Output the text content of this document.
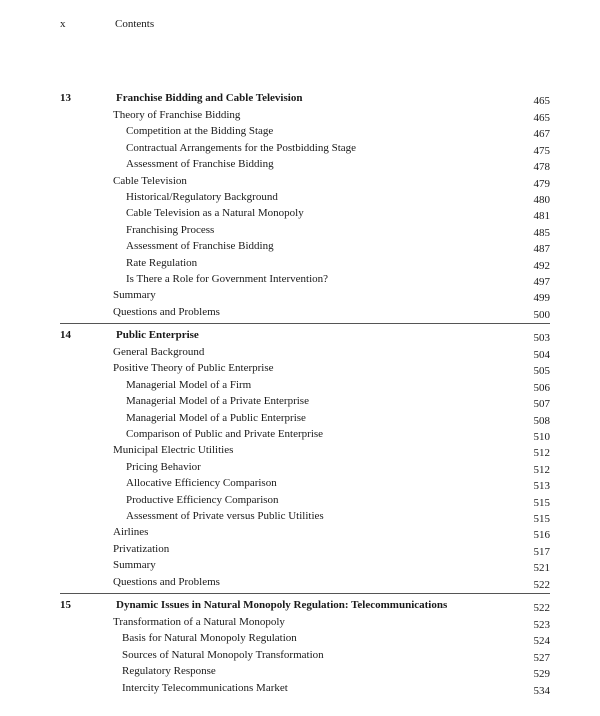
x	Contents
13	Franchise Bidding and Cable Television	465
Theory of Franchise Bidding	465
Competition at the Bidding Stage	467
Contractual Arrangements for the Postbidding Stage	475
Assessment of Franchise Bidding	478
Cable Television	479
Historical/Regulatory Background	480
Cable Television as a Natural Monopoly	481
Franchising Process	485
Assessment of Franchise Bidding	487
Rate Regulation	492
Is There a Role for Government Intervention?	497
Summary	499
Questions and Problems	500
14	Public Enterprise	503
General Background	504
Positive Theory of Public Enterprise	505
Managerial Model of a Firm	506
Managerial Model of a Private Enterprise	507
Managerial Model of a Public Enterprise	508
Comparison of Public and Private Enterprise	510
Municipal Electric Utilities	512
Pricing Behavior	512
Allocative Efficiency Comparison	513
Productive Efficiency Comparison	515
Assessment of Private versus Public Utilities	515
Airlines	516
Privatization	517
Summary	521
Questions and Problems	522
15	Dynamic Issues in Natural Monopoly Regulation: Telecommunications	522
Transformation of a Natural Monopoly	523
Basis for Natural Monopoly Regulation	524
Sources of Natural Monopoly Transformation	527
Regulatory Response	529
Intercity Telecommunications Market	534
